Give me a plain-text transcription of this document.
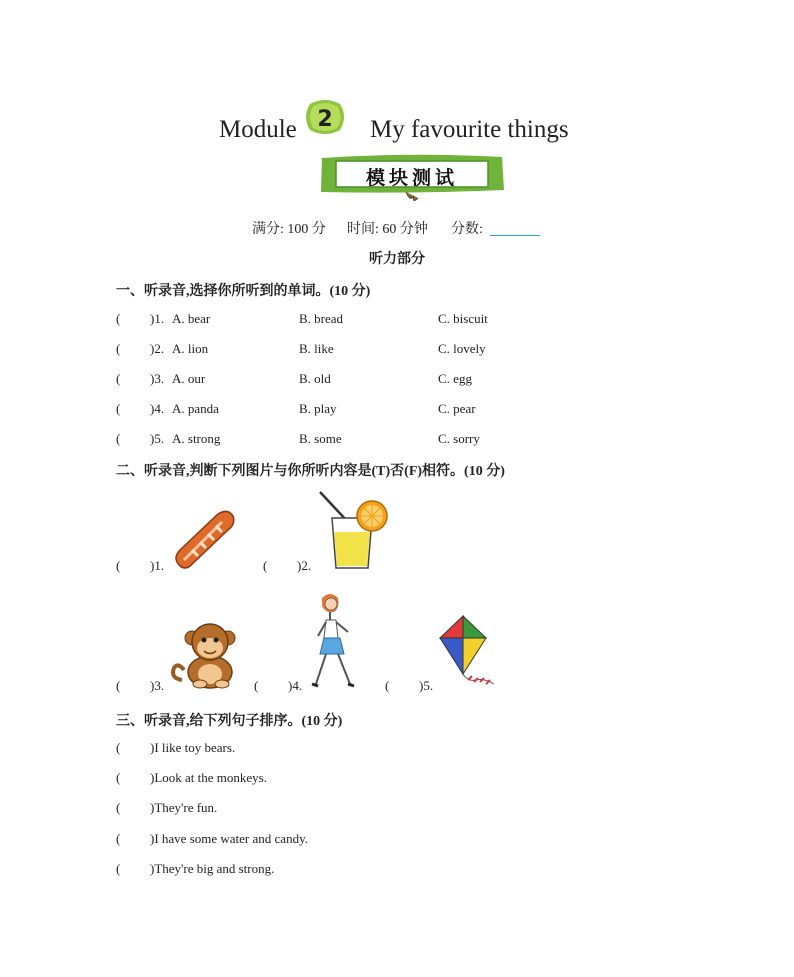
Module 2 My favourite things
模块测试
满分: 100 分 时间: 60 分钟 分数:
听力部分
一、听录音,选择你所听到的单词。(10 分)
( )1. A. bear	B. bread	C. biscuit
( )2. A. lion	B. like	C. lovely
( )3. A. our	B. old	C. egg
( )4. A. panda	B. play	C. pear
( )5. A. strong	B. some	C. sorry
二、听录音,判断下列图片与你所听内容是(T)否(F)相符。(10 分)
( )1.	( )2.
( )3.	( )4.	( )5.
三、听录音,给下列句子排序。(10 分)
( )I like toy bears.
( )Look at the monkeys.
( )They're fun.
( )I have some water and candy.
( )They're big and strong.
